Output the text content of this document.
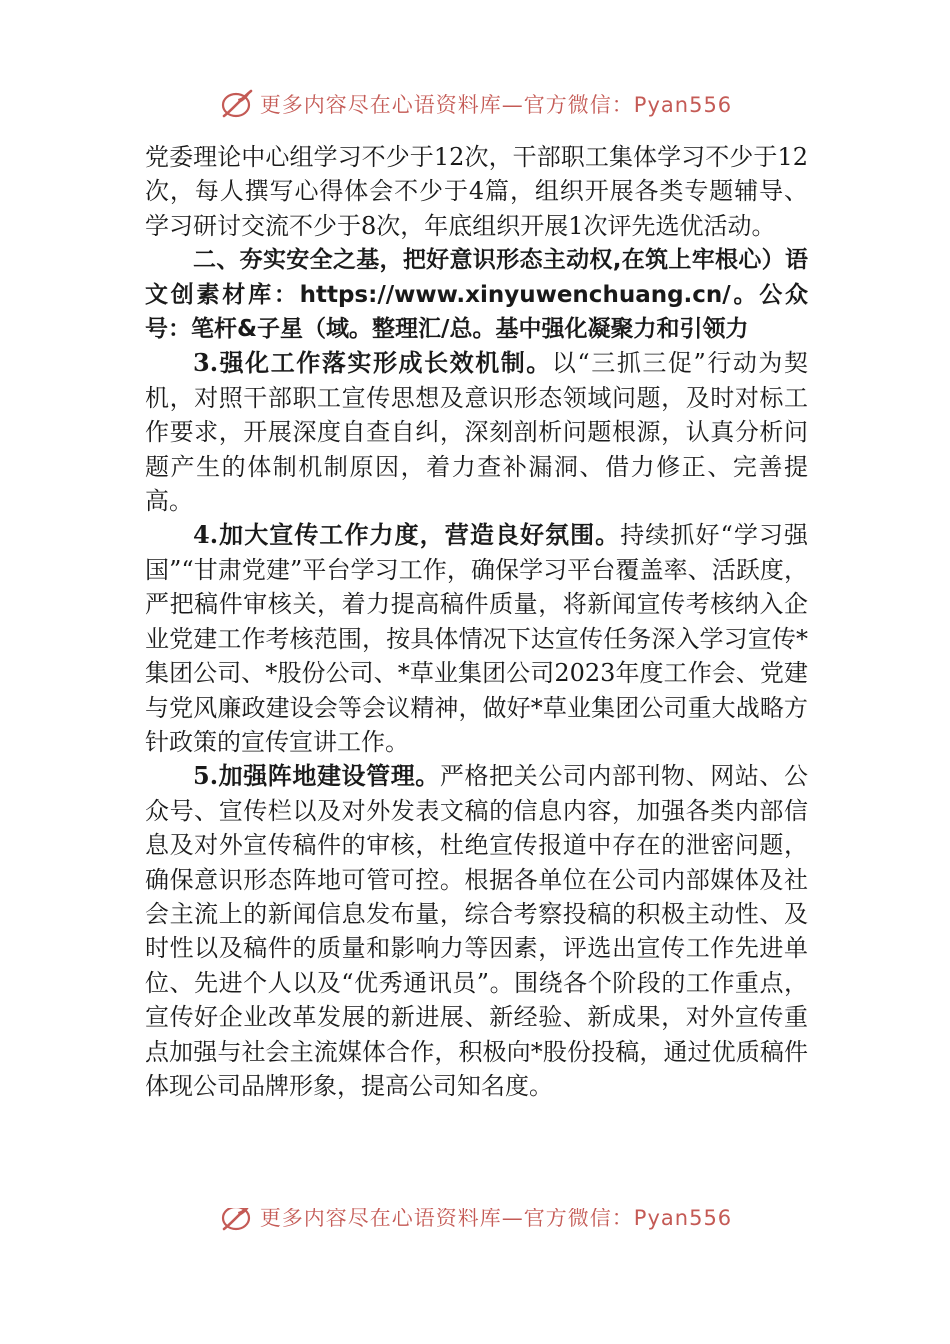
更多内容尽在心语资料库—官方微信：Pyan556

党委理论中心组学习不少于12次，干部职工集体学习不少于12次，每人撰写心得体会不少于4篇，组织开展各类专题辅导、学习研讨交流不少于8次，年底组织开展1次评先选优活动。

二、夯实安全之基，把好意识形态主动权,在筑上牢根心）语文创素材库：https://www.xinyuwenchuang.cn/。公众号：笔杆&子星（域。整理汇/总。基中强化凝聚力和引领力

3.强化工作落实形成长效机制。以“三抓三促”行动为契机，对照干部职工宣传思想及意识形态领域问题，及时对标工作要求，开展深度自查自纠，深刻剖析问题根源，认真分析问题产生的体制机制原因，着力查补漏洞、借力修正、完善提高。

4.加大宣传工作力度，营造良好氛围。持续抓好“学习强国”“甘肃党建”平台学习工作，确保学习平台覆盖率、活跃度，严把稿件审核关，着力提高稿件质量，将新闻宣传考核纳入企业党建工作考核范围，按具体情况下达宣传任务深入学习宣传*集团公司、*股份公司、*草业集团公司2023年度工作会、党建与党风廉政建设会等会议精神，做好*草业集团公司重大战略方针政策的宣传宣讲工作。

5.加强阵地建设管理。严格把关公司内部刊物、网站、公众号、宣传栏以及对外发表文稿的信息内容，加强各类内部信息及对外宣传稿件的审核，杜绝宣传报道中存在的泄密问题，确保意识形态阵地可管可控。根据各单位在公司内部媒体及社会主流上的新闻信息发布量，综合考察投稿的积极主动性、及时性以及稿件的质量和影响力等因素，评选出宣传工作先进单位、先进个人以及“优秀通讯员”。围绕各个阶段的工作重点，宣传好企业改革发展的新进展、新经验、新成果，对外宣传重点加强与社会主流媒体合作，积极向*股份投稿，通过优质稿件体现公司品牌形象，提高公司知名度。

更多内容尽在心语资料库—官方微信：Pyan556
